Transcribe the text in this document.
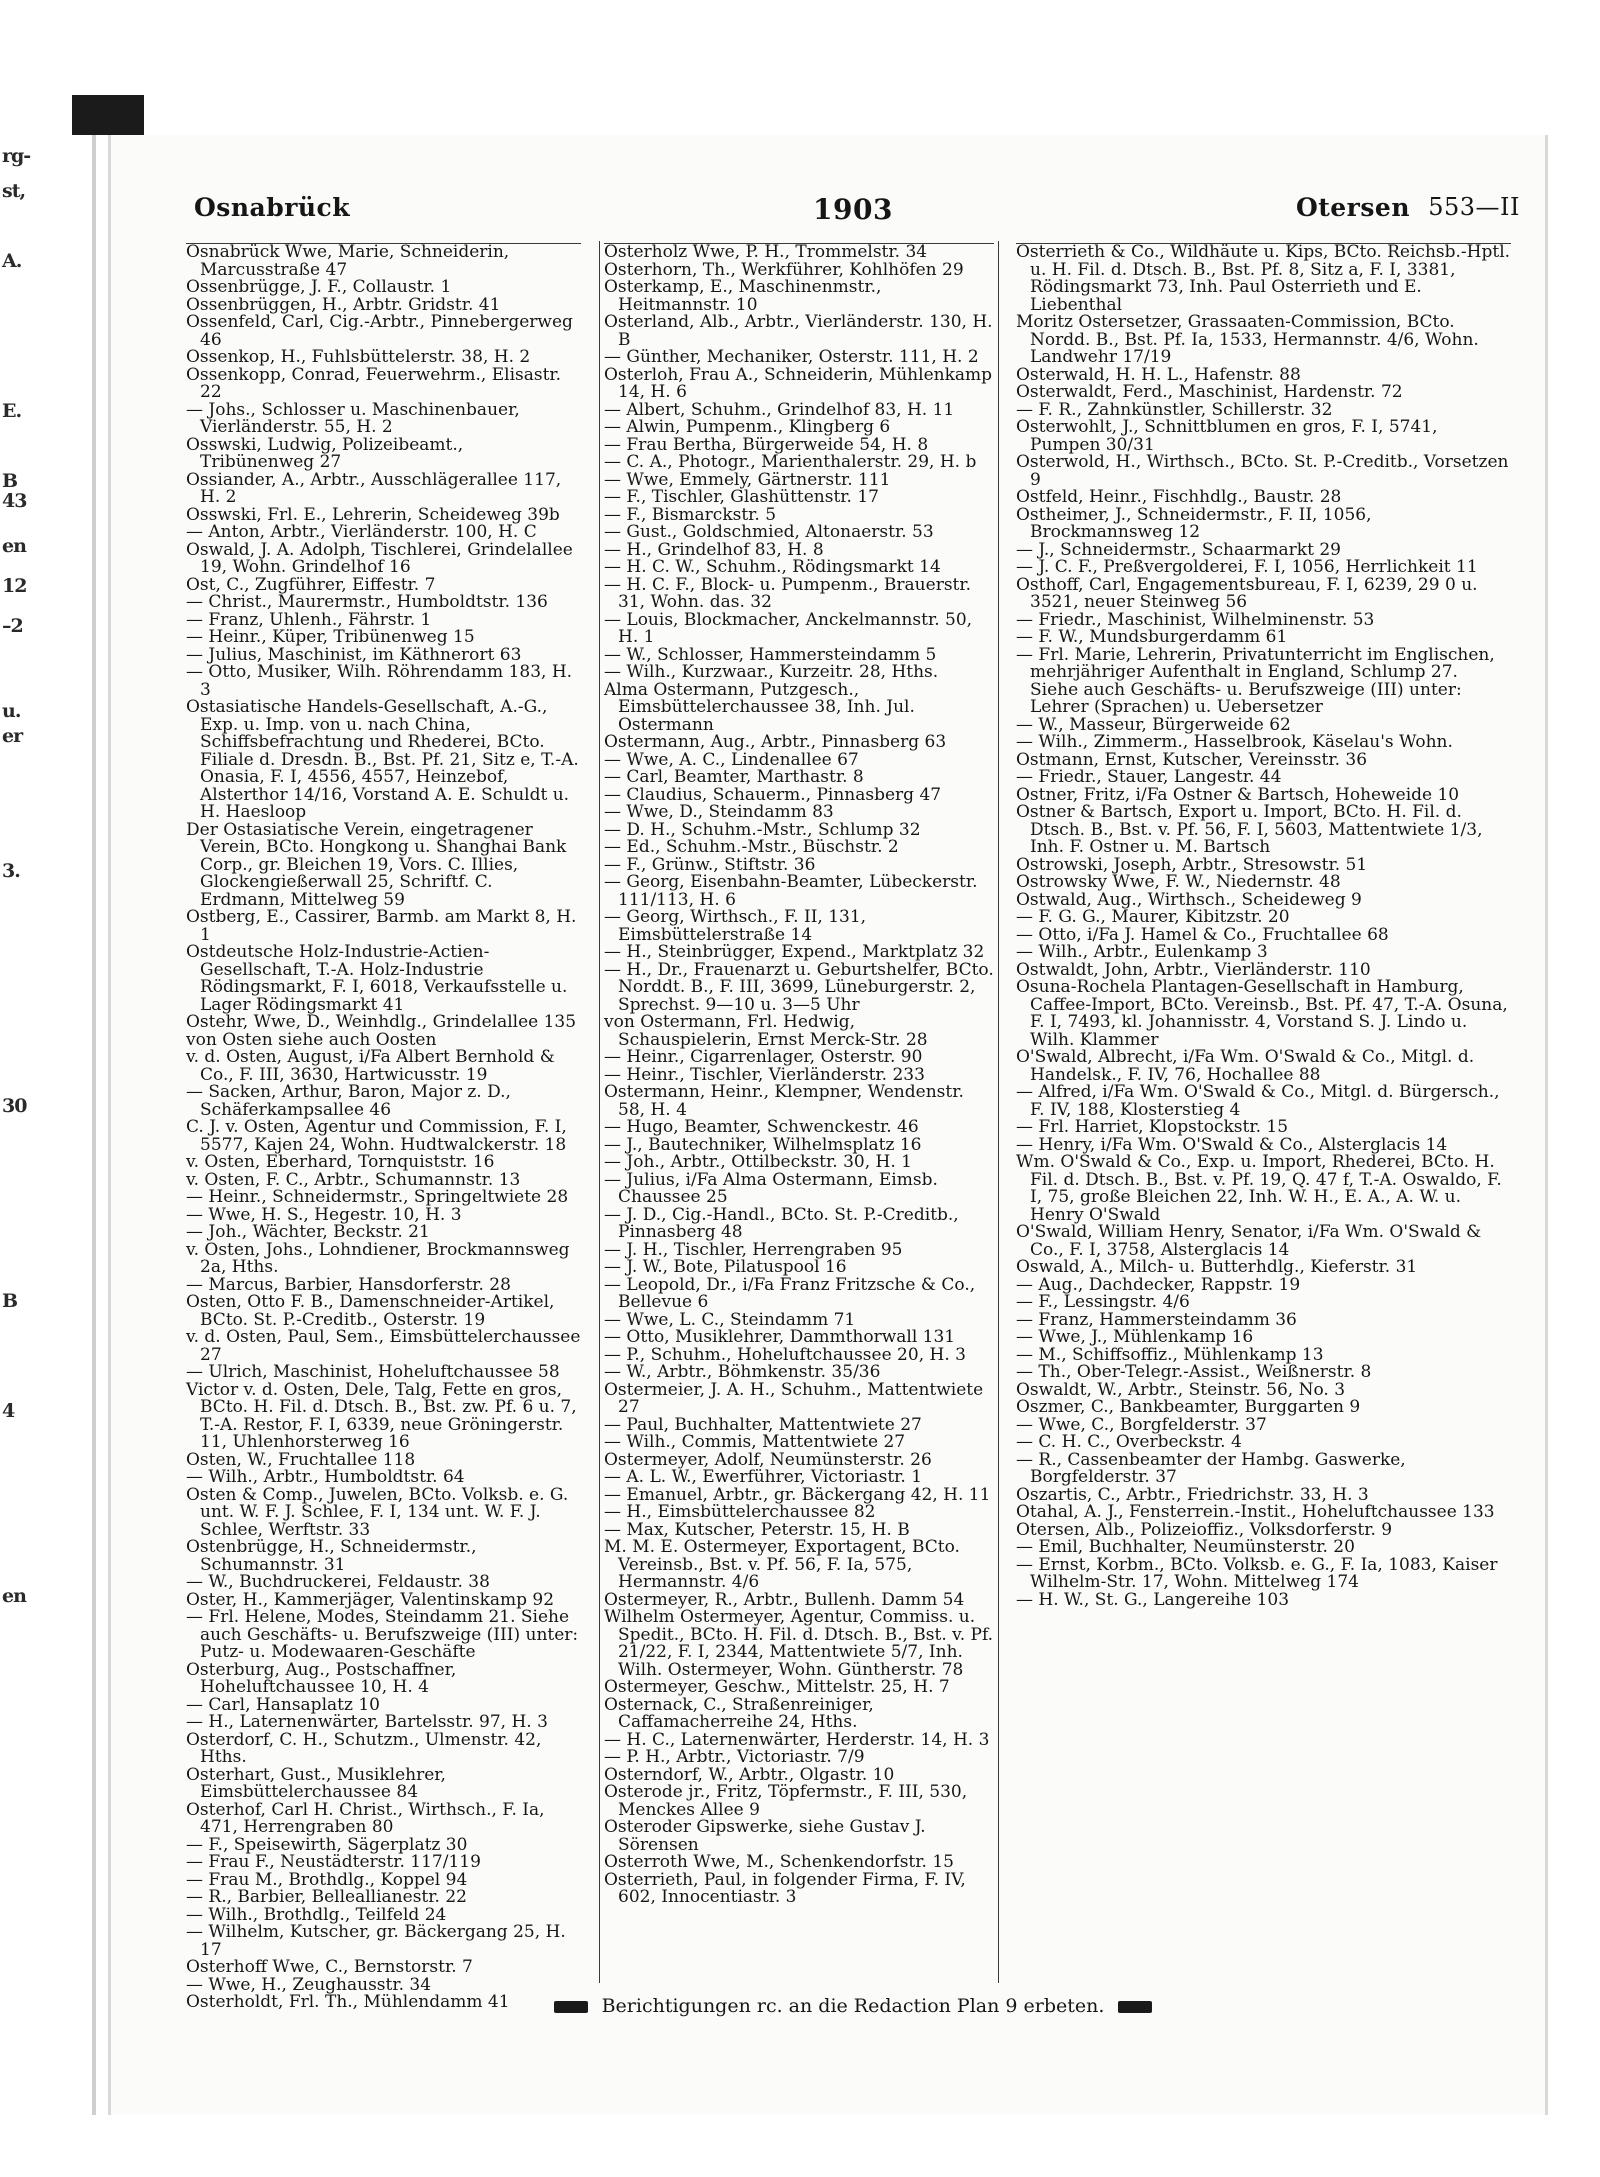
rg-
st,
A.
E.
B
43
en
12
–2
u.
er
3.
30
B
4
en
Osnabrück	1903	Otersen 553—II

Osnabrück Wwe, Marie, Schneiderin, Marcusstraße 47

Ossenbrügge, J. F., Collaustr. 1

Ossenbrüggen, H., Arbtr. Gridstr. 41

Ossenfeld, Carl, Cig.-Arbtr., Pinnebergerweg 46

Ossenkop, H., Fuhlsbüttelerstr. 38, H. 2

Ossenkopp, Conrad, Feuerwehrm., Elisastr. 22

— Johs., Schlosser u. Maschinenbauer, Vierländerstr. 55, H. 2

Osswski, Ludwig, Polizeibeamt., Tribünenweg 27

Ossiander, A., Arbtr., Ausschlägerallee 117, H. 2

Osswski, Frl. E., Lehrerin, Scheideweg 39b

— Anton, Arbtr., Vierländerstr. 100, H. C

Oswald, J. A. Adolph, Tischlerei, Grindelallee 19, Wohn. Grindelhof 16

Ost, C., Zugführer, Eiffestr. 7

— Christ., Maurermstr., Humboldtstr. 136

— Franz, Uhlenh., Fährstr. 1

— Heinr., Küper, Tribünenweg 15

— Julius, Maschinist, im Käthnerort 63

— Otto, Musiker, Wilh. Röhrendamm 183, H. 3

Ostasiatische Handels-Gesellschaft, A.-G., Exp. u. Imp. von u. nach China, Schiffsbefrachtung und Rhederei, BCto. Filiale d. Dresdn. B., Bst. Pf. 21, Sitz e, T.-A. Onasia, F. I, 4556, 4557, Heinzebof, Alsterthor 14/16, Vorstand A. E. Schuldt u. H. Haesloop

Der Ostasiatische Verein, eingetragener Verein, BCto. Hongkong u. Shanghai Bank Corp., gr. Bleichen 19, Vors. C. Illies, Glockengießerwall 25, Schriftf. C. Erdmann, Mittelweg 59

Ostberg, E., Cassirer, Barmb. am Markt 8, H. 1

Ostdeutsche Holz-Industrie-Actien-Gesellschaft, T.-A. Holz-Industrie Rödingsmarkt, F. I, 6018, Verkaufsstelle u. Lager Rödingsmarkt 41

Ostehr, Wwe, D., Weinhdlg., Grindelallee 135

von Osten siehe auch Oosten

v. d. Osten, August, i/Fa Albert Bernhold & Co., F. III, 3630, Hartwicusstr. 19

— Sacken, Arthur, Baron, Major z. D., Schäferkampsallee 46

C. J. v. Osten, Agentur und Commission, F. I, 5577, Kajen 24, Wohn. Hudtwalckerstr. 18

v. Osten, Eberhard, Tornquiststr. 16

v. Osten, F. C., Arbtr., Schumannstr. 13

— Heinr., Schneidermstr., Springeltwiete 28

— Wwe, H. S., Hegestr. 10, H. 3

— Joh., Wächter, Beckstr. 21

v. Osten, Johs., Lohndiener, Brockmannsweg 2a, Hths.

— Marcus, Barbier, Hansdorferstr. 28

Osten, Otto F. B., Damenschneider-Artikel, BCto. St. P.-Creditb., Osterstr. 19

v. d. Osten, Paul, Sem., Eimsbüttelerchaussee 27

— Ulrich, Maschinist, Hoheluftchaussee 58

Victor v. d. Osten, Dele, Talg, Fette en gros, BCto. H. Fil. d. Dtsch. B., Bst. zw. Pf. 6 u. 7, T.-A. Restor, F. I, 6339, neue Gröningerstr. 11, Uhlenhorsterweg 16

Osten, W., Fruchtallee 118

— Wilh., Arbtr., Humboldtstr. 64

Osten & Comp., Juwelen, BCto. Volksb. e. G. unt. W. F. J. Schlee, F. I, 134 unt. W. F. J. Schlee, Werftstr. 33

Ostenbrügge, H., Schneidermstr., Schumannstr. 31

— W., Buchdruckerei, Feldaustr. 38

Oster, H., Kammerjäger, Valentinskamp 92

— Frl. Helene, Modes, Steindamm 21. Siehe auch Geschäfts- u. Berufszweige (III) unter: Putz- u. Modewaaren-Geschäfte

Osterburg, Aug., Postschaffner, Hoheluftchaussee 10, H. 4

— Carl, Hansaplatz 10

— H., Laternenwärter, Bartelsstr. 97, H. 3

Osterdorf, C. H., Schutzm., Ulmenstr. 42, Hths.

Osterhart, Gust., Musiklehrer, Eimsbüttelerchaussee 84

Osterhof, Carl H. Christ., Wirthsch., F. Ia, 471, Herrengraben 80

— F., Speisewirth, Sägerplatz 30

— Frau F., Neustädterstr. 117/119

— Frau M., Brothdlg., Koppel 94

— R., Barbier, Belleallianestr. 22

— Wilh., Brothdlg., Teilfeld 24

— Wilhelm, Kutscher, gr. Bäckergang 25, H. 17

Osterhoff Wwe, C., Bernstorstr. 7

— Wwe, H., Zeughausstr. 34

Osterholdt, Frl. Th., Mühlendamm 41

Osterholz Wwe, P. H., Trommelstr. 34

Osterhorn, Th., Werkführer, Kohlhöfen 29

Osterkamp, E., Maschinenmstr., Heitmannstr. 10

Osterland, Alb., Arbtr., Vierländerstr. 130, H. B

— Günther, Mechaniker, Osterstr. 111, H. 2

Osterloh, Frau A., Schneiderin, Mühlenkamp 14, H. 6

— Albert, Schuhm., Grindelhof 83, H. 11

— Alwin, Pumpenm., Klingberg 6

— Frau Bertha, Bürgerweide 54, H. 8

— C. A., Photogr., Marienthalerstr. 29, H. b

— Wwe, Emmely, Gärtnerstr. 111

— F., Tischler, Glashüttenstr. 17

— F., Bismarckstr. 5

— Gust., Goldschmied, Altonaerstr. 53

— H., Grindelhof 83, H. 8

— H. C. W., Schuhm., Rödingsmarkt 14

— H. C. F., Block- u. Pumpenm., Brauerstr. 31, Wohn. das. 32

— Louis, Blockmacher, Anckelmannstr. 50, H. 1

— W., Schlosser, Hammersteindamm 5

— Wilh., Kurzwaar., Kurzeitr. 28, Hths.

Alma Ostermann, Putzgesch., Eimsbüttelerchaussee 38, Inh. Jul. Ostermann

Ostermann, Aug., Arbtr., Pinnasberg 63

— Wwe, A. C., Lindenallee 67

— Carl, Beamter, Marthastr. 8

— Claudius, Schauerm., Pinnasberg 47

— Wwe, D., Steindamm 83

— D. H., Schuhm.-Mstr., Schlump 32

— Ed., Schuhm.-Mstr., Büschstr. 2

— F., Grünw., Stiftstr. 36

— Georg, Eisenbahn-Beamter, Lübeckerstr. 111/113, H. 6

— Georg, Wirthsch., F. II, 131, Eimsbüttelerstraße 14

— H., Steinbrügger, Expend., Marktplatz 32

— H., Dr., Frauenarzt u. Geburtshelfer, BCto. Norddt. B., F. III, 3699, Lüneburgerstr. 2, Sprechst. 9—10 u. 3—5 Uhr

von Ostermann, Frl. Hedwig, Schauspielerin, Ernst Merck-Str. 28

— Heinr., Cigarrenlager, Osterstr. 90

— Heinr., Tischler, Vierländerstr. 233

Ostermann, Heinr., Klempner, Wendenstr. 58, H. 4

— Hugo, Beamter, Schwenckestr. 46

— J., Bautechniker, Wilhelmsplatz 16

— Joh., Arbtr., Ottilbeckstr. 30, H. 1

— Julius, i/Fa Alma Ostermann, Eimsb. Chaussee 25

— J. D., Cig.-Handl., BCto. St. P.-Creditb., Pinnasberg 48

— J. H., Tischler, Herrengraben 95

— J. W., Bote, Pilatuspool 16

— Leopold, Dr., i/Fa Franz Fritzsche & Co., Bellevue 6

— Wwe, L. C., Steindamm 71

— Otto, Musiklehrer, Dammthorwall 131

— P., Schuhm., Hoheluftchaussee 20, H. 3

— W., Arbtr., Böhmkenstr. 35/36

Ostermeier, J. A. H., Schuhm., Mattentwiete 27

— Paul, Buchhalter, Mattentwiete 27

— Wilh., Commis, Mattentwiete 27

Ostermeyer, Adolf, Neumünsterstr. 26

— A. L. W., Ewerführer, Victoriastr. 1

— Emanuel, Arbtr., gr. Bäckergang 42, H. 11

— H., Eimsbüttelerchaussee 82

— Max, Kutscher, Peterstr. 15, H. B

M. M. E. Ostermeyer, Exportagent, BCto. Vereinsb., Bst. v. Pf. 56, F. Ia, 575, Hermannstr. 4/6

Ostermeyer, R., Arbtr., Bullenh. Damm 54

Wilhelm Ostermeyer, Agentur, Commiss. u. Spedit., BCto. H. Fil. d. Dtsch. B., Bst. v. Pf. 21/22, F. I, 2344, Mattentwiete 5/7, Inh. Wilh. Ostermeyer, Wohn. Güntherstr. 78

Ostermeyer, Geschw., Mittelstr. 25, H. 7

Osternack, C., Straßenreiniger, Caffamacherreihe 24, Hths.

— H. C., Laternenwärter, Herderstr. 14, H. 3

— P. H., Arbtr., Victoriastr. 7/9

Osterndorf, W., Arbtr., Olgastr. 10

Osterode jr., Fritz, Töpfermstr., F. III, 530, Menckes Allee 9

Osteroder Gipswerke, siehe Gustav J. Sörensen

Osterroth Wwe, M., Schenkendorfstr. 15

Osterrieth, Paul, in folgender Firma, F. IV, 602, Innocentiastr. 3

Osterrieth & Co., Wildhäute u. Kips, BCto. Reichsb.-Hptl. u. H. Fil. d. Dtsch. B., Bst. Pf. 8, Sitz a, F. I, 3381, Rödingsmarkt 73, Inh. Paul Osterrieth und E. Liebenthal

Moritz Ostersetzer, Grassaaten-Commission, BCto. Nordd. B., Bst. Pf. Ia, 1533, Hermannstr. 4/6, Wohn. Landwehr 17/19

Osterwald, H. H. L., Hafenstr. 88

Osterwaldt, Ferd., Maschinist, Hardenstr. 72

— F. R., Zahnkünstler, Schillerstr. 32

Osterwohlt, J., Schnittblumen en gros, F. I, 5741, Pumpen 30/31

Osterwold, H., Wirthsch., BCto. St. P.-Creditb., Vorsetzen 9

Ostfeld, Heinr., Fischhdlg., Baustr. 28

Ostheimer, J., Schneidermstr., F. II, 1056, Brockmannsweg 12

— J., Schneidermstr., Schaarmarkt 29

— J. C. F., Preßvergolderei, F. I, 1056, Herrlichkeit 11

Osthoff, Carl, Engagementsbureau, F. I, 6239, 29 0 u. 3521, neuer Steinweg 56

— Friedr., Maschinist, Wilhelminenstr. 53

— F. W., Mundsburgerdamm 61

— Frl. Marie, Lehrerin, Privatunterricht im Englischen, mehrjähriger Aufenthalt in England, Schlump 27. Siehe auch Geschäfts- u. Berufszweige (III) unter: Lehrer (Sprachen) u. Uebersetzer

— W., Masseur, Bürgerweide 62

— Wilh., Zimmerm., Hasselbrook, Käselau's Wohn.

Ostmann, Ernst, Kutscher, Vereinsstr. 36

— Friedr., Stauer, Langestr. 44

Ostner, Fritz, i/Fa Ostner & Bartsch, Hoheweide 10

Ostner & Bartsch, Export u. Import, BCto. H. Fil. d. Dtsch. B., Bst. v. Pf. 56, F. I, 5603, Mattentwiete 1/3, Inh. F. Ostner u. M. Bartsch

Ostrowski, Joseph, Arbtr., Stresowstr. 51

Ostrowsky Wwe, F. W., Niedernstr. 48

Ostwald, Aug., Wirthsch., Scheideweg 9

— F. G. G., Maurer, Kibitzstr. 20

— Otto, i/Fa J. Hamel & Co., Fruchtallee 68

— Wilh., Arbtr., Eulenkamp 3

Ostwaldt, John, Arbtr., Vierländerstr. 110

Osuna-Rochela Plantagen-Gesellschaft in Hamburg, Caffee-Import, BCto. Vereinsb., Bst. Pf. 47, T.-A. Osuna, F. I, 7493, kl. Johannisstr. 4, Vorstand S. J. Lindo u. Wilh. Klammer

O'Swald, Albrecht, i/Fa Wm. O'Swald & Co., Mitgl. d. Handelsk., F. IV, 76, Hochallee 88

— Alfred, i/Fa Wm. O'Swald & Co., Mitgl. d. Bürgersch., F. IV, 188, Klosterstieg 4

— Frl. Harriet, Klopstockstr. 15

— Henry, i/Fa Wm. O'Swald & Co., Alsterglacis 14

Wm. O'Swald & Co., Exp. u. Import, Rhederei, BCto. H. Fil. d. Dtsch. B., Bst. v. Pf. 19, Q. 47 f, T.-A. Oswaldo, F. I, 75, große Bleichen 22, Inh. W. H., E. A., A. W. u. Henry O'Swald

O'Swald, William Henry, Senator, i/Fa Wm. O'Swald & Co., F. I, 3758, Alsterglacis 14

Oswald, A., Milch- u. Butterhdlg., Kieferstr. 31

— Aug., Dachdecker, Rappstr. 19

— F., Lessingstr. 4/6

— Franz, Hammersteindamm 36

— Wwe, J., Mühlenkamp 16

— M., Schiffsoffiz., Mühlenkamp 13

— Th., Ober-Telegr.-Assist., Weißnerstr. 8

Oswaldt, W., Arbtr., Steinstr. 56, No. 3

Oszmer, C., Bankbeamter, Burggarten 9

— Wwe, C., Borgfelderstr. 37

— C. H. C., Overbeckstr. 4

— R., Cassenbeamter der Hambg. Gaswerke, Borgfelderstr. 37

Oszartis, C., Arbtr., Friedrichstr. 33, H. 3

Otahal, A. J., Fensterrein.-Instit., Hoheluftchaussee 133

Otersen, Alb., Polizeioffiz., Volksdorferstr. 9

— Emil, Buchhalter, Neumünsterstr. 20

— Ernst, Korbm., BCto. Volksb. e. G., F. Ia, 1083, Kaiser Wilhelm-Str. 17, Wohn. Mittelweg 174

— H. W., St. G., Langereihe 103

Berichtigungen rc. an die Redaction Plan 9 erbeten.
